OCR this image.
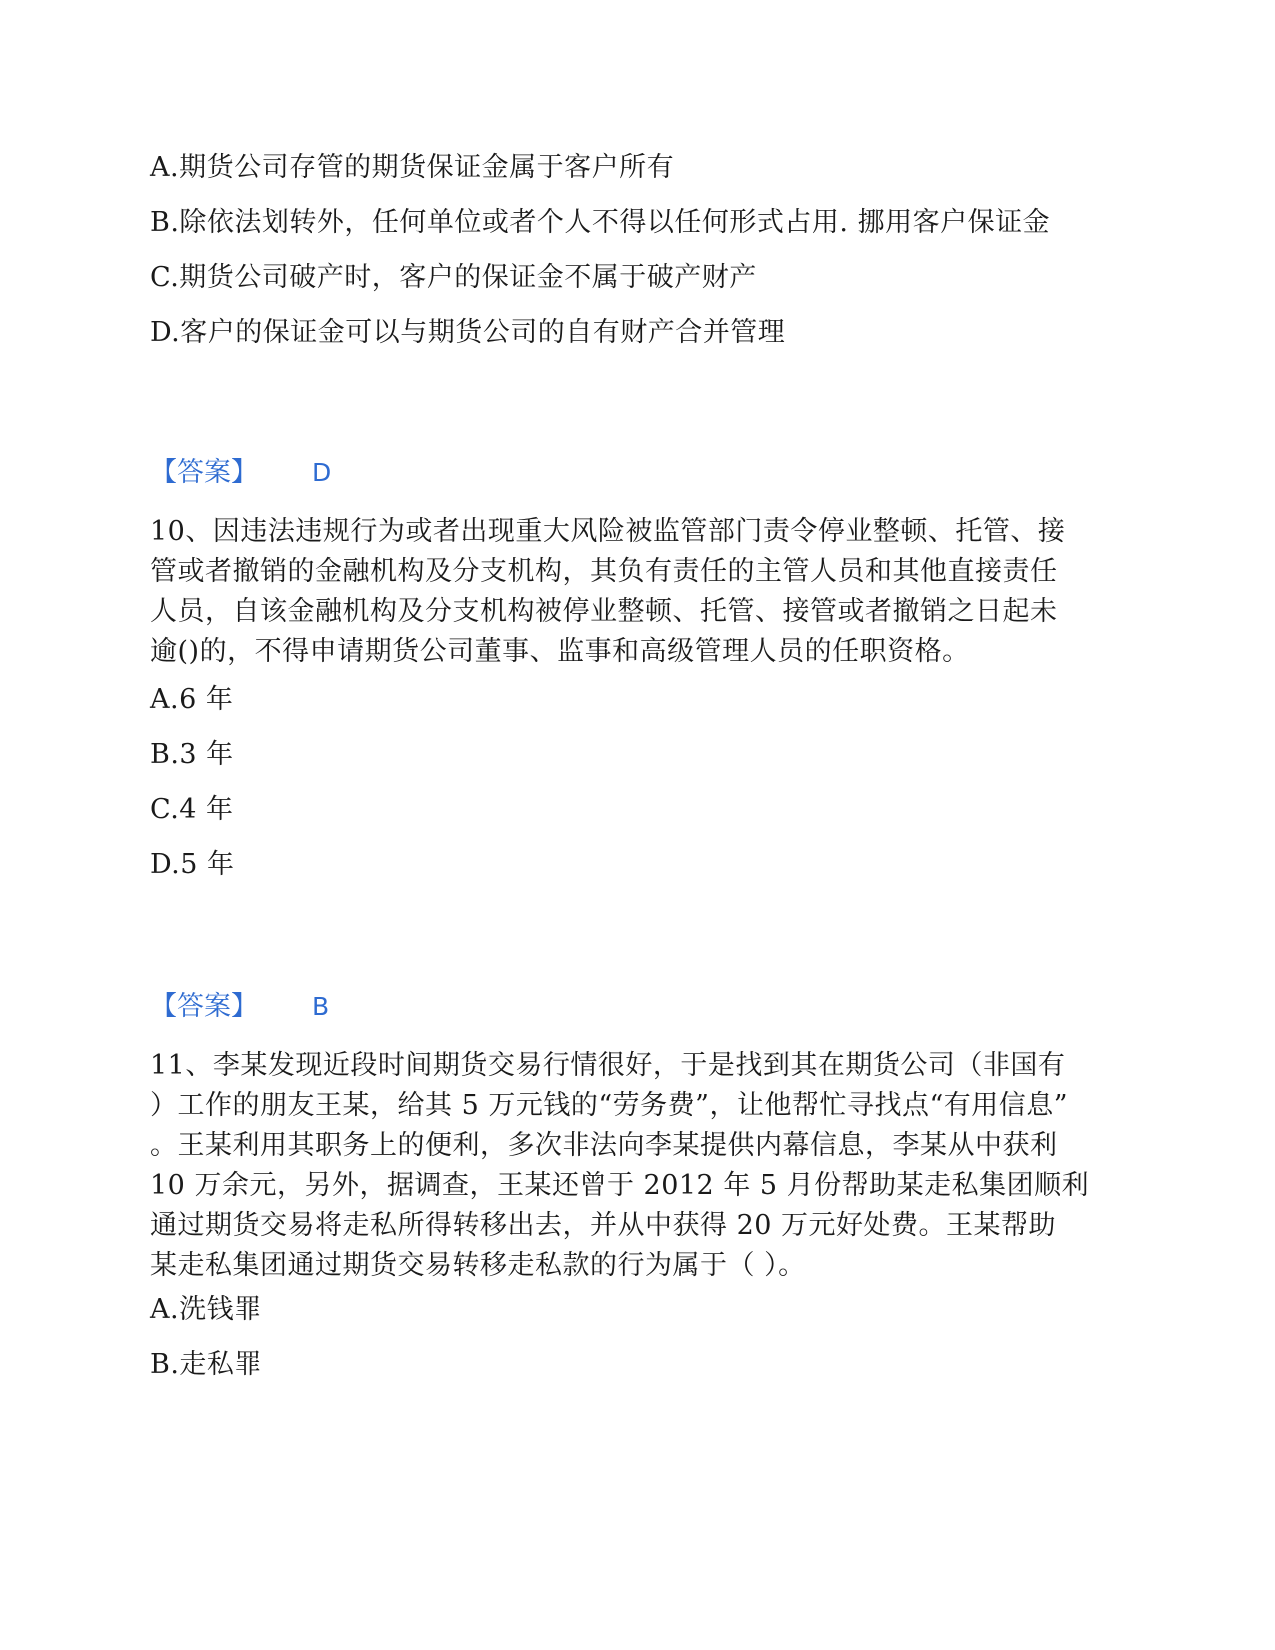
A.期货公司存管的期货保证金属于客户所有
B.除依法划转外，任何单位或者个人不得以任何形式占用. 挪用客户保证金
C.期货公司破产时，客户的保证金不属于破产财产
D.客户的保证金可以与期货公司的自有财产合并管理
【答案】 D
10、因违法违规行为或者出现重大风险被监管部门责令停业整顿、托管、接
管或者撤销的金融机构及分支机构，其负有责任的主管人员和其他直接责任
人员，自该金融机构及分支机构被停业整顿、托管、接管或者撤销之日起未
逾()的，不得申请期货公司董事、监事和高级管理人员的任职资格。
A.6 年
B.3 年
C.4 年
D.5 年
【答案】 B
11、李某发现近段时间期货交易行情很好，于是找到其在期货公司（非国有
）工作的朋友王某，给其 5 万元钱的“劳务费”，让他帮忙寻找点“有用信息”
。王某利用其职务上的便利，多次非法向李某提供内幕信息，李某从中获利
10 万余元，另外，据调查，王某还曾于 2012 年 5 月份帮助某走私集团顺利
通过期货交易将走私所得转移出去，并从中获得 20 万元好处费。王某帮助
某走私集团通过期货交易转移走私款的行为属于（ ）。
A.洗钱罪
B.走私罪
